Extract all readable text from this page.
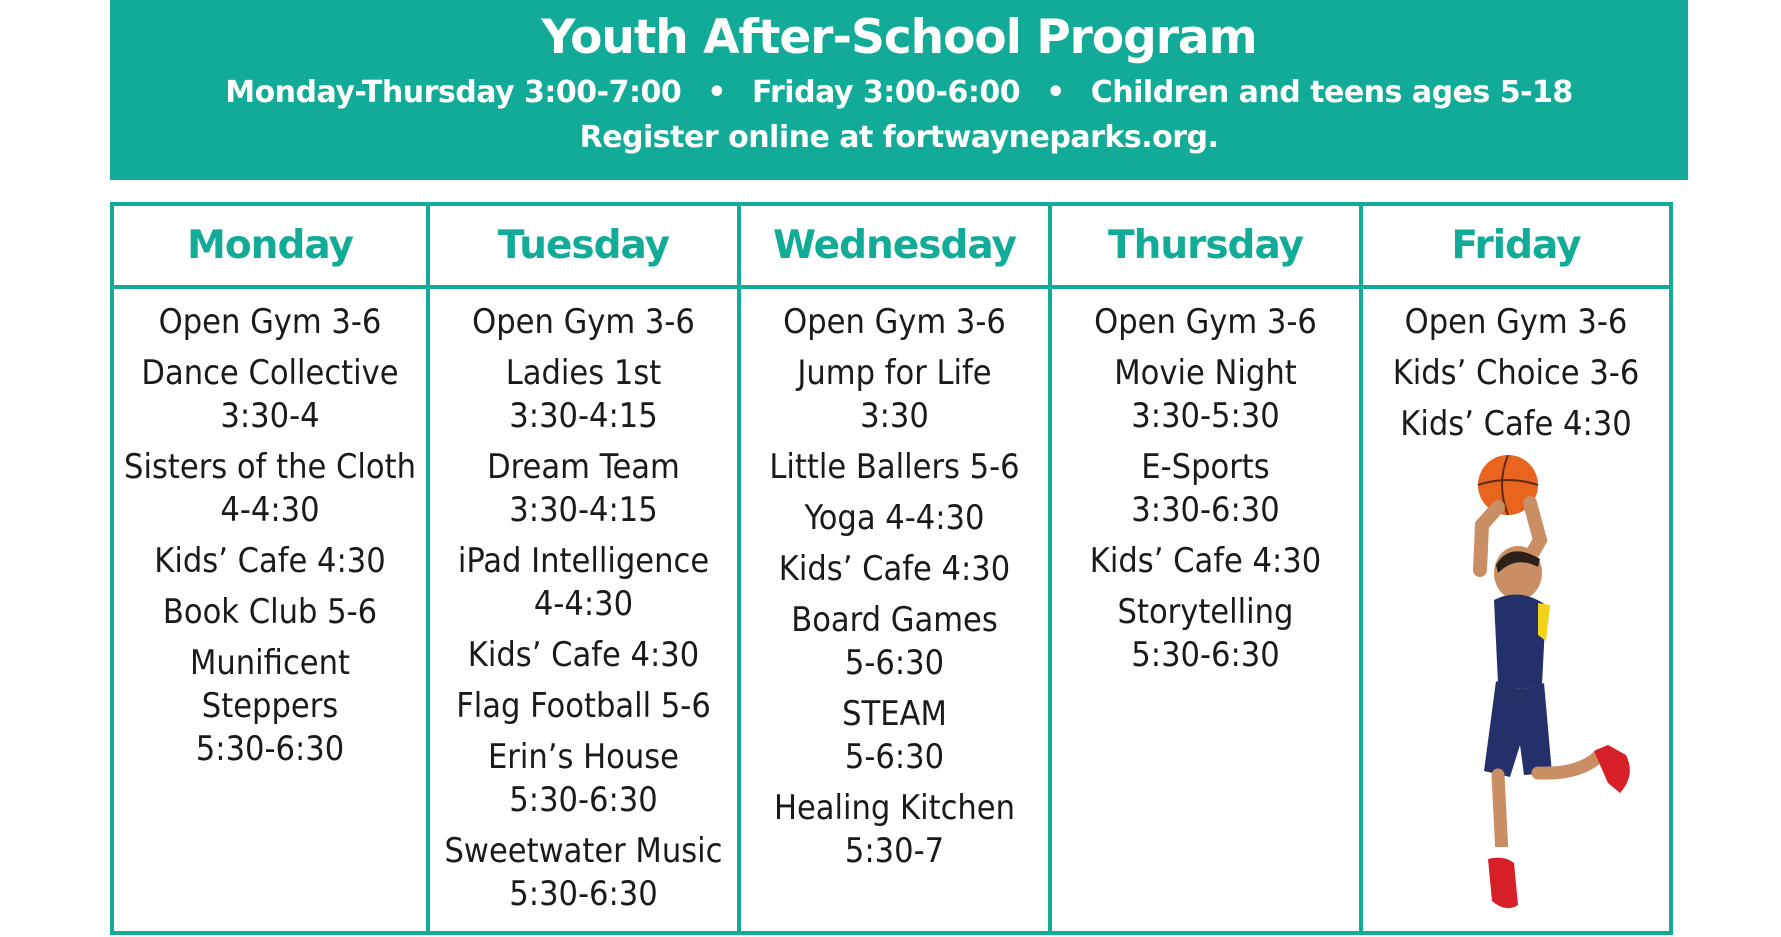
Youth After-School Program
Monday-Thursday 3:00-7:00 • Friday 3:00-6:00 • Children and teens ages 5-18
Register online at fortwayneparks.org.
Monday
Open Gym 3-6
Dance Collective
3:30-4
Sisters of the Cloth
4-4:30
Kids’ Cafe 4:30
Book Club 5-6
Munificent
Steppers
5:30-6:30
Tuesday
Open Gym 3-6
Ladies 1st
3:30-4:15
Dream Team
3:30-4:15
iPad Intelligence
4-4:30
Kids’ Cafe 4:30
Flag Football 5-6
Erin’s House
5:30-6:30
Sweetwater Music
5:30-6:30
Wednesday
Open Gym 3-6
Jump for Life
3:30
Little Ballers 5-6
Yoga 4-4:30
Kids’ Cafe 4:30
Board Games
5-6:30
STEAM
5-6:30
Healing Kitchen
5:30-7
Thursday
Open Gym 3-6
Movie Night
3:30-5:30
E-Sports
3:30-6:30
Kids’ Cafe 4:30
Storytelling
5:30-6:30
Friday
Open Gym 3-6
Kids’ Choice 3-6
Kids’ Cafe 4:30
